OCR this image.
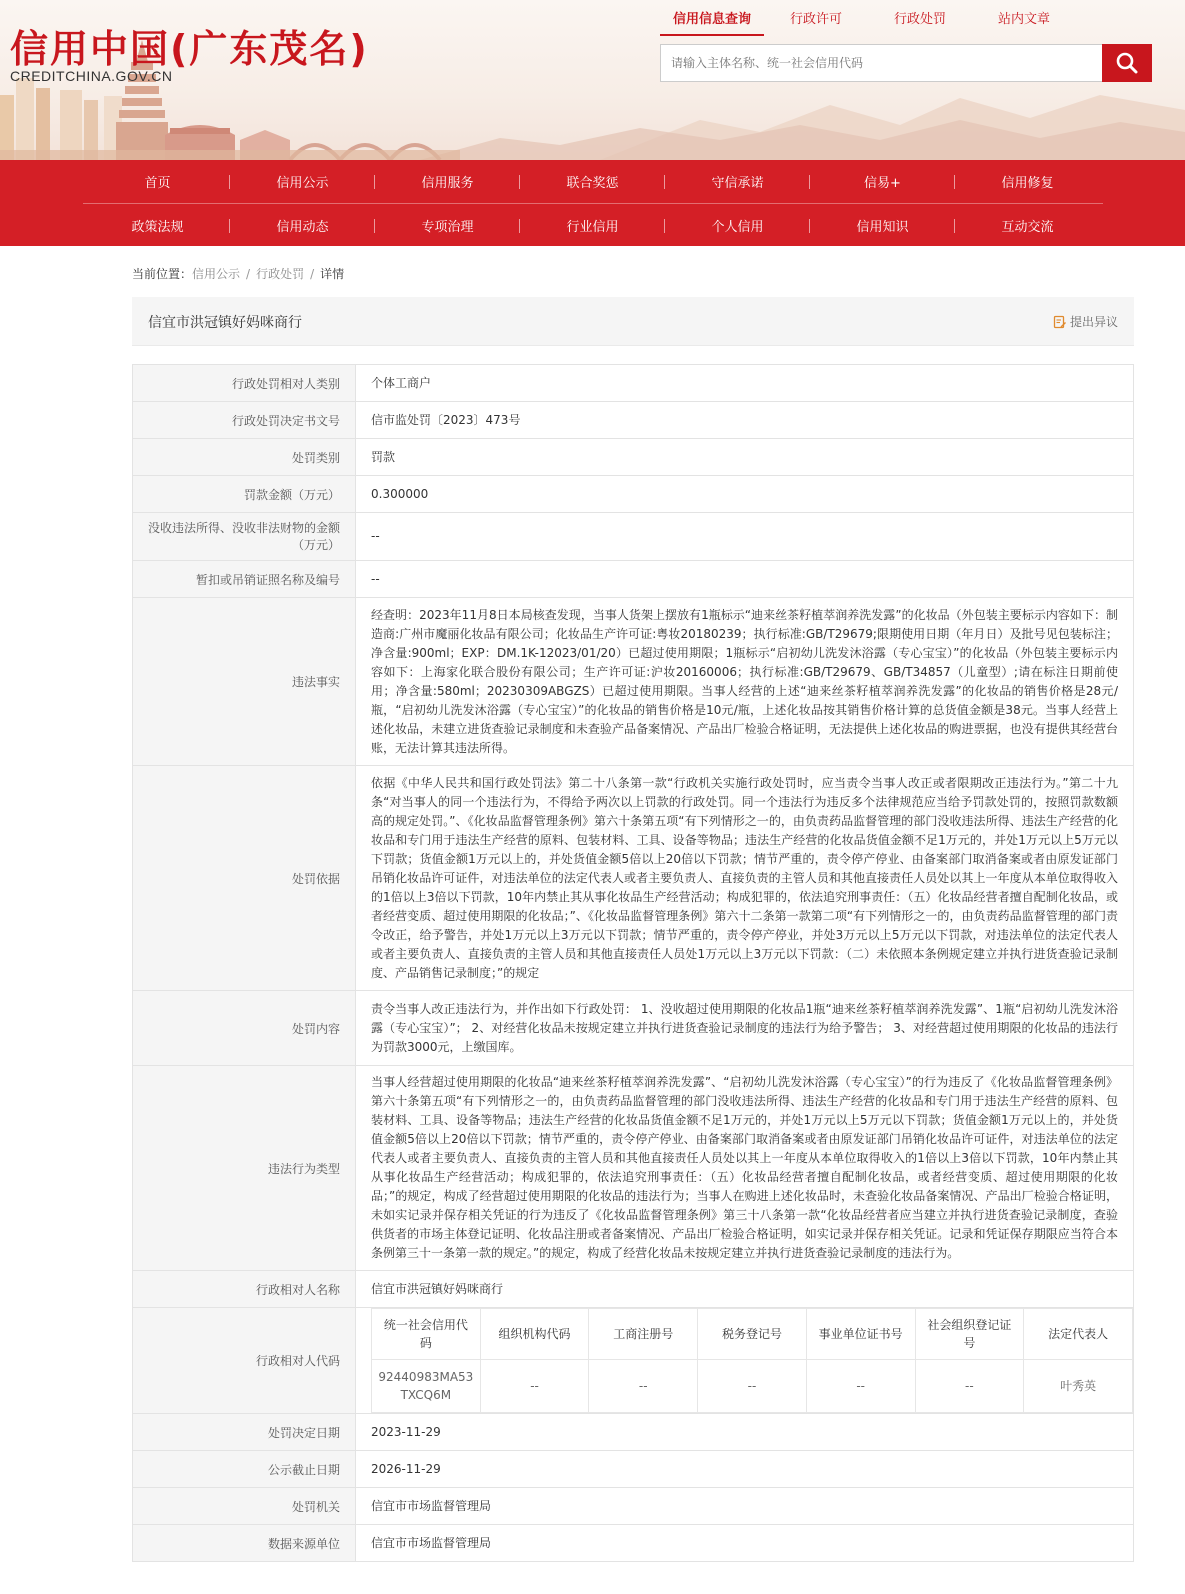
信用中国(广东茂名)
CREDITCHINA.GOV.CN
信用信息查询	行政许可	行政处罚	站内文章
请输入主体名称、统一社会信用代码
首页	信用公示	信用服务	联合奖惩	守信承诺	信易+	信用修复
政策法规	信用动态	专项治理	行业信用	个人信用	信用知识	互动交流
当前位置：信用公示 / 行政处罚 / 详情
信宜市洪冠镇好妈咪商行	提出异议
行政处罚相对人类别	个体工商户
行政处罚决定书文号	信市监处罚〔2023〕473号
处罚类别	罚款
罚款金额（万元）	0.300000
没收违法所得、没收非法财物的金额（万元）	--
暂扣或吊销证照名称及编号	--
违法事实	经查明：2023年11月8日本局核查发现，当事人货架上摆放有1瓶标示“迪来丝茶籽植萃润养洗发露”的化妆品（外包装主要标示内容如下：制造商:广州市魔丽化妆品有限公司；化妆品生产许可证:粤妆20180239；执行标准:GB/T29679;限期使用日期（年月日）及批号见包装标注；净含量:900ml；EXP：DM.1K-12023/01/20）已超过使用期限；1瓶标示“启初幼儿洗发沐浴露（专心宝宝）”的化妆品（外包装主要标示内容如下：上海家化联合股份有限公司；生产许可证:沪妆20160006；执行标准:GB/T29679、GB/T34857（儿童型）;请在标注日期前使用；净含量:580ml；20230309ABGZS）已超过使用期限。当事人经营的上述“迪来丝茶籽植萃润养洗发露”的化妆品的销售价格是28元/瓶，“启初幼儿洗发沐浴露（专心宝宝）”的化妆品的销售价格是10元/瓶，上述化妆品按其销售价格计算的总货值金额是38元。当事人经营上述化妆品，未建立进货查验记录制度和未查验产品备案情况、产品出厂检验合格证明，无法提供上述化妆品的购进票据，也没有提供其经营台账，无法计算其违法所得。
处罚依据	依据《中华人民共和国行政处罚法》第二十八条第一款“行政机关实施行政处罚时，应当责令当事人改正或者限期改正违法行为。”第二十九条“对当事人的同一个违法行为，不得给予两次以上罚款的行政处罚。同一个违法行为违反多个法律规范应当给予罚款处罚的，按照罚款数额高的规定处罚。”、《化妆品监督管理条例》第六十条第五项“有下列情形之一的，由负责药品监督管理的部门没收违法所得、违法生产经营的化妆品和专门用于违法生产经营的原料、包装材料、工具、设备等物品；违法生产经营的化妆品货值金额不足1万元的，并处1万元以上5万元以下罚款；货值金额1万元以上的，并处货值金额5倍以上20倍以下罚款；情节严重的，责令停产停业、由备案部门取消备案或者由原发证部门吊销化妆品许可证件，对违法单位的法定代表人或者主要负责人、直接负责的主管人员和其他直接责任人员处以其上一年度从本单位取得收入的1倍以上3倍以下罚款，10年内禁止其从事化妆品生产经营活动；构成犯罪的，依法追究刑事责任：（五）化妆品经营者擅自配制化妆品，或者经营变质、超过使用期限的化妆品；”、《化妆品监督管理条例》第六十二条第一款第二项“有下列情形之一的，由负责药品监督管理的部门责令改正，给予警告，并处1万元以上3万元以下罚款；情节严重的，责令停产停业，并处3万元以上5万元以下罚款，对违法单位的法定代表人或者主要负责人、直接负责的主管人员和其他直接责任人员处1万元以上3万元以下罚款：（二）未依照本条例规定建立并执行进货查验记录制度、产品销售记录制度；”的规定
处罚内容	责令当事人改正违法行为，并作出如下行政处罚： 1、没收超过使用期限的化妆品1瓶“迪来丝茶籽植萃润养洗发露”、1瓶“启初幼儿洗发沐浴露（专心宝宝）”； 2、对经营化妆品未按规定建立并执行进货查验记录制度的违法行为给予警告； 3、对经营超过使用期限的化妆品的违法行为罚款3000元，上缴国库。
违法行为类型	当事人经营超过使用期限的化妆品“迪来丝茶籽植萃润养洗发露”、“启初幼儿洗发沐浴露（专心宝宝）”的行为违反了《化妆品监督管理条例》第六十条第五项“有下列情形之一的，由负责药品监督管理的部门没收违法所得、违法生产经营的化妆品和专门用于违法生产经营的原料、包装材料、工具、设备等物品；违法生产经营的化妆品货值金额不足1万元的，并处1万元以上5万元以下罚款；货值金额1万元以上的，并处货值金额5倍以上20倍以下罚款；情节严重的，责令停产停业、由备案部门取消备案或者由原发证部门吊销化妆品许可证件，对违法单位的法定代表人或者主要负责人、直接负责的主管人员和其他直接责任人员处以其上一年度从本单位取得收入的1倍以上3倍以下罚款，10年内禁止其从事化妆品生产经营活动；构成犯罪的，依法追究刑事责任：（五）化妆品经营者擅自配制化妆品，或者经营变质、超过使用期限的化妆品；”的规定，构成了经营超过使用期限的化妆品的违法行为；当事人在购进上述化妆品时，未查验化妆品备案情况、产品出厂检验合格证明，未如实记录并保存相关凭证的行为违反了《化妆品监督管理条例》第三十八条第一款“化妆品经营者应当建立并执行进货查验记录制度，查验供货者的市场主体登记证明、化妆品注册或者备案情况、产品出厂检验合格证明，如实记录并保存相关凭证。记录和凭证保存期限应当符合本条例第三十一条第一款的规定。”的规定，构成了经营化妆品未按规定建立并执行进货查验记录制度的违法行为。
行政相对人名称	信宜市洪冠镇好妈咪商行
行政相对人代码	
统一社会信用代码	组织机构代码	工商注册号	税务登记号	事业单位证书号	社会组织登记证号	法定代表人
92440983MA53TXCQ6M	--	--	--	--	--	叶秀英

处罚决定日期	2023-11-29
公示截止日期	2026-11-29
处罚机关	信宜市市场监督管理局
数据来源单位	信宜市市场监督管理局
